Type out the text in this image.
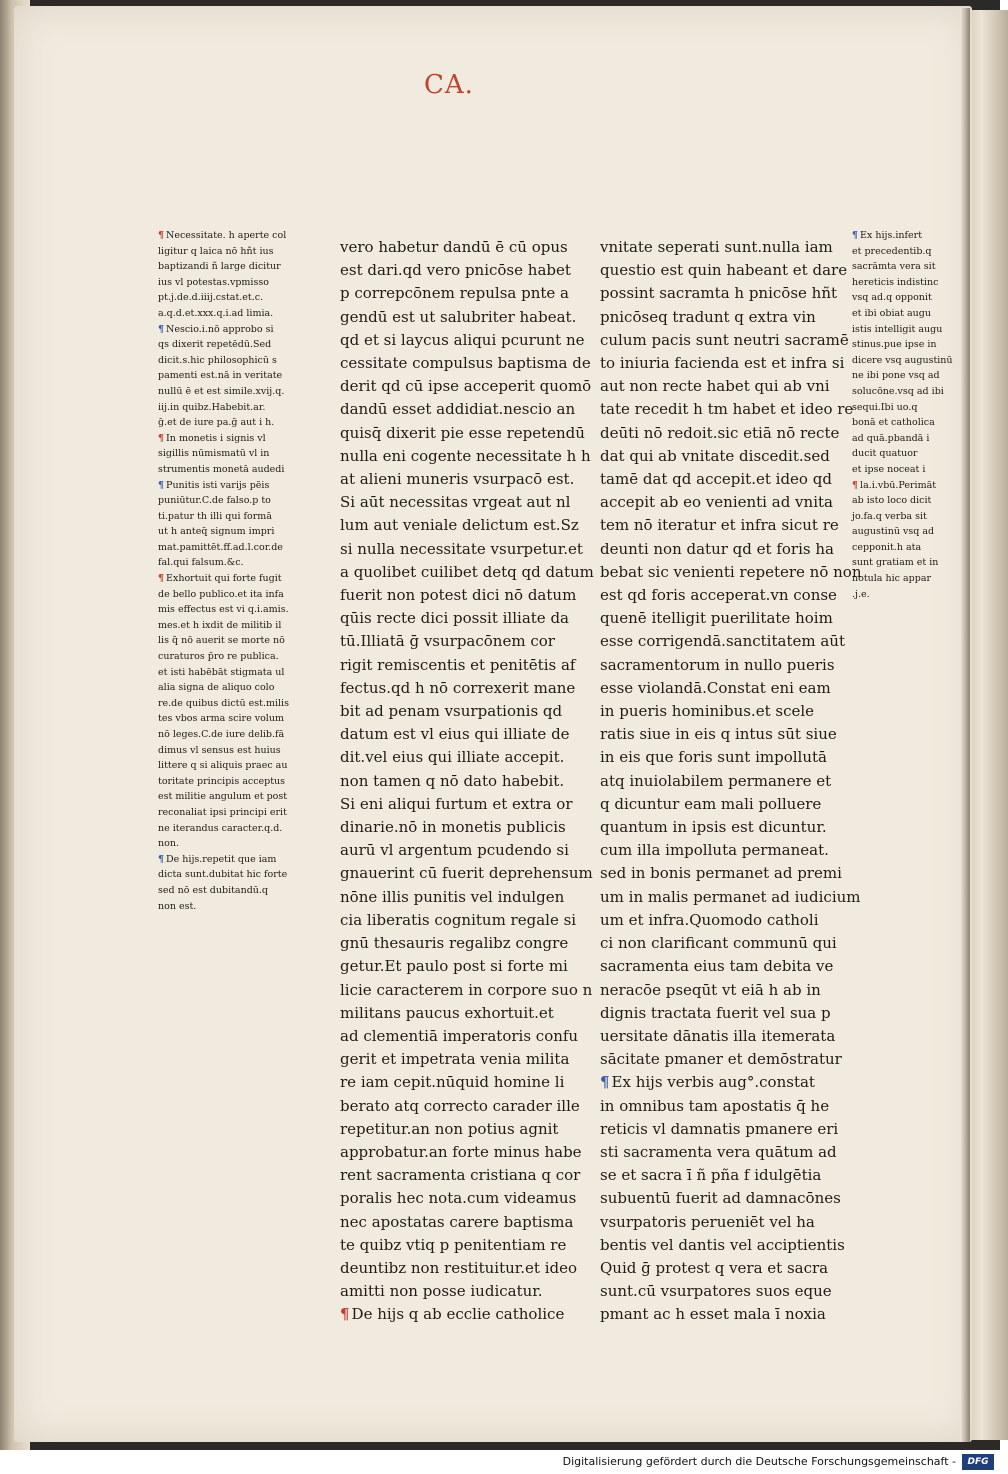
CA.
¶ Necessitate. h aperte col
ligitur q laica nō hñt ius
baptizandi ñ large dicitur
ius vl potestas.vpmisso
pt.j.de.d.iiij.cstat.et.c.
a.q.d.et.xxx.q.i.ad limia.
¶ Nescio.i.nō approbo si
qs dixerit repetēdū.Sed
dicit.s.hic philosophicū s
pamenti est.nā in veritate
nullū ē et est simile.xvij.q.
iij.in quibz.Habebit.ar.
ḡ.et de iure pa.ḡ aut i h.
¶ In monetis i signis vl
sigillis nūmismatū vl in
strumentis monetā audedi
¶ Punitis isti varijs pēis
puniūtur.C.de falso.p to
ti.patur th illi qui formā
ut h anteq̄ signum impri
mat.pamittēt.ff.ad.l.cor.de
fal.qui falsum.&c.
¶ Exhortuit qui forte fugit
de bello publico.et ita infa
mis effectus est vi q.i.amis.
mes.et h ixdit de militib il
lis q̄ nō auerit se morte nō
curaturos p̄ro re publica.
et isti habēbāt stigmata ul
alia signa de aliquo colo
re.de quibus dictū est.milis
tes vbos arma scire volum
nō leges.C.de iure delib.fā
dimus vl sensus est huius
littere q si aliquis praec au
toritate principis acceptus
est militie angulum et post
reconaliat ipsi principi erit
ne iterandus caracter.q.d.
non.
¶ De hijs.repetit que iam
dicta sunt.dubitat hic forte
sed nō est dubitandū.q
non est.
vero habetur dandū ē cū opus
est dari.qd vero pnicōse habet
p correpcōnem repulsa pnte a
gendū est ut salubriter habeat.
qd et si laycus aliqui pcurunt ne
cessitate compulsus baptisma de
derit qd cū ipse acceperit quomō
dandū esset addidiat.nescio an
quisq̄ dixerit pie esse repetendū
nulla eni cogente necessitate h h
at alieni muneris vsurpacō est.
Si aūt necessitas vrgeat aut nl
lum aut veniale delictum est.Sz
si nulla necessitate vsurpetur.et
a quolibet cuilibet detq qd datum
fuerit non potest dici nō datum
qūis recte dici possit illiate da
tū.Illiatā ḡ vsurpacōnem cor
rigit remiscentis et penitētis af
fectus.qd h nō correxerit mane
bit ad penam vsurpationis qd
datum est vl eius qui illiate de
dit.vel eius qui illiate accepit.
non tamen q nō dato habebit.
Si eni aliqui furtum et extra or
dinarie.nō in monetis publicis
aurū vl argentum pcudendo si
gnauerint cū fuerit deprehensum
nōne illis punitis vel indulgen
cia liberatis cognitum regale si
gnū thesauris regalibz congre
getur.Et paulo post si forte mi
licie caracterem in corpore suo n
militans paucus exhortuit.et
ad clementiā imperatoris confu
gerit et impetrata venia milita
re iam cepit.nūquid homine li
berato atq correcto carader ille
repetitur.an non potius agnit
approbatur.an forte minus habe
rent sacramenta cristiana q cor
poralis hec nota.cum videamus
nec apostatas carere baptisma
te quibz vtiq p penitentiam re
deuntibz non restituitur.et ideo
amitti non posse iudicatur.
¶ De hijs q ab ecclie catholice
vnitate seperati sunt.nulla iam
questio est quin habeant et dare
possint sacramta h pnicōse hñt
pnicōseq tradunt q extra vin
culum pacis sunt neutri sacramē
to iniuria facienda est et infra si
aut non recte habet qui ab vni
tate recedit h tm habet et ideo re
deūti nō redoit.sic etiā nō recte
dat qui ab vnitate discedit.sed
tamē dat qd accepit.et ideo qd
accepit ab eo venienti ad vnita
tem nō iteratur et infra sicut re
deunti non datur qd et foris ha
bebat sic venienti repetere nō non
est qd foris acceperat.vn conse
quenē itelligit puerilitate hoim
esse corrigendā.sanctitatem aūt
sacramentorum in nullo pueris
esse violandā.Constat eni eam
in pueris hominibus.et scele
ratis siue in eis q intus sūt siue
in eis que foris sunt impollutā
atq inuiolabilem permanere et
q dicuntur eam mali polluere
quantum in ipsis est dicuntur.
cum illa impolluta permaneat.
sed in bonis permanet ad premi
um in malis permanet ad iudicium
um et infra.Quomodo catholi
ci non clarificant communū qui
sacramenta eius tam debita ve
neracōe pseqūt vt eiā h ab in
dignis tractata fuerit vel sua p
uersitate dānatis illa itemerata
sācitate pmaner et demōstratur
¶ Ex hijs verbis aug°.constat
in omnibus tam apostatis q̄ he
reticis vl damnatis pmanere eri
sti sacramenta vera quātum ad
se et sacra ī ñ pña f idulgētia
subuentū fuerit ad damnacōnes
vsurpatoris perueniēt vel ha
bentis vel dantis vel acciptientis
Quid ḡ protest q vera et sacra
sunt.cū vsurpatores suos eque
pmant ac h esset mala ī noxia
¶ Ex hijs.infert
et precedentib.q
sacrāmta vera sit
hereticis indistinc
vsq ad.q opponit
et ibi obiat augu
istis intelligit augu
stinus.pue ipse in
dicere vsq augustinū
ne ibi pone vsq ad
solucōne.vsq ad ibi
sequi.Ibi uo.q
bonā et catholica
ad quā.pbandā i
ducit quatuor
et ipse noceat i
¶ la.i.vbū.Perimāt
ab isto loco dicit
jo.fa.q verba sit
augustinū vsq ad
cepponit.h ata
sunt gratiam et in
notula hic appar
.j.e.
Digitalisierung gefördert durch die Deutsche Forschungsgemeinschaft -	DFG
